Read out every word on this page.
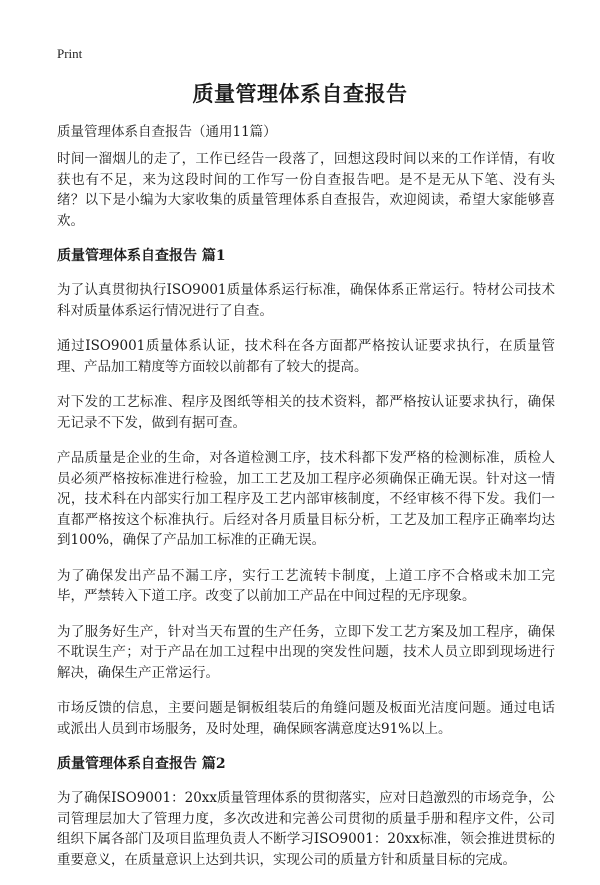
Print
质量管理体系自查报告

质量管理体系自查报告（通用11篇）

时间一溜烟儿的走了，工作已经告一段落了，回想这段时间以来的工作详情，有收获也有不足，来为这段时间的工作写一份自查报告吧。是不是无从下笔、没有头绪？以下是小编为大家收集的质量管理体系自查报告，欢迎阅读，希望大家能够喜欢。

质量管理体系自查报告 篇1

为了认真贯彻执行ISO9001质量体系运行标准，确保体系正常运行。特材公司技术科对质量体系运行情况进行了自查。

通过ISO9001质量体系认证，技术科在各方面都严格按认证要求执行，在质量管理、产品加工精度等方面较以前都有了较大的提高。

对下发的工艺标准、程序及图纸等相关的技术资料，都严格按认证要求执行，确保无记录不下发，做到有据可查。

产品质量是企业的生命，对各道检测工序，技术科都下发严格的检测标准，质检人员必须严格按标准进行检验，加工工艺及加工程序必须确保正确无误。针对这一情况，技术科在内部实行加工程序及工艺内部审核制度，不经审核不得下发。我们一直都严格按这个标准执行。后经对各月质量目标分析，工艺及加工程序正确率均达到100%，确保了产品加工标准的正确无误。

为了确保发出产品不漏工序，实行工艺流转卡制度，上道工序不合格或未加工完毕，严禁转入下道工序。改变了以前加工产品在中间过程的无序现象。

为了服务好生产，针对当天布置的生产任务，立即下发工艺方案及加工程序，确保不耽误生产；对于产品在加工过程中出现的突发性问题，技术人员立即到现场进行解决，确保生产正常运行。

市场反馈的信息，主要问题是铜板组装后的角缝问题及板面光洁度问题。通过电话或派出人员到市场服务，及时处理，确保顾客满意度达91%以上。

质量管理体系自查报告 篇2

为了确保ISO9001：20xx质量管理体系的贯彻落实，应对日趋激烈的市场竞争，公司管理层加大了管理力度，多次改进和完善公司贯彻的质量手册和程序文件，公司组织下属各部门及项目监理负责人不断学习ISO9001：20xx标准，领会推进贯标的重要意义，在质量意识上达到共识，实现公司的质量方针和质量目标的完成。
